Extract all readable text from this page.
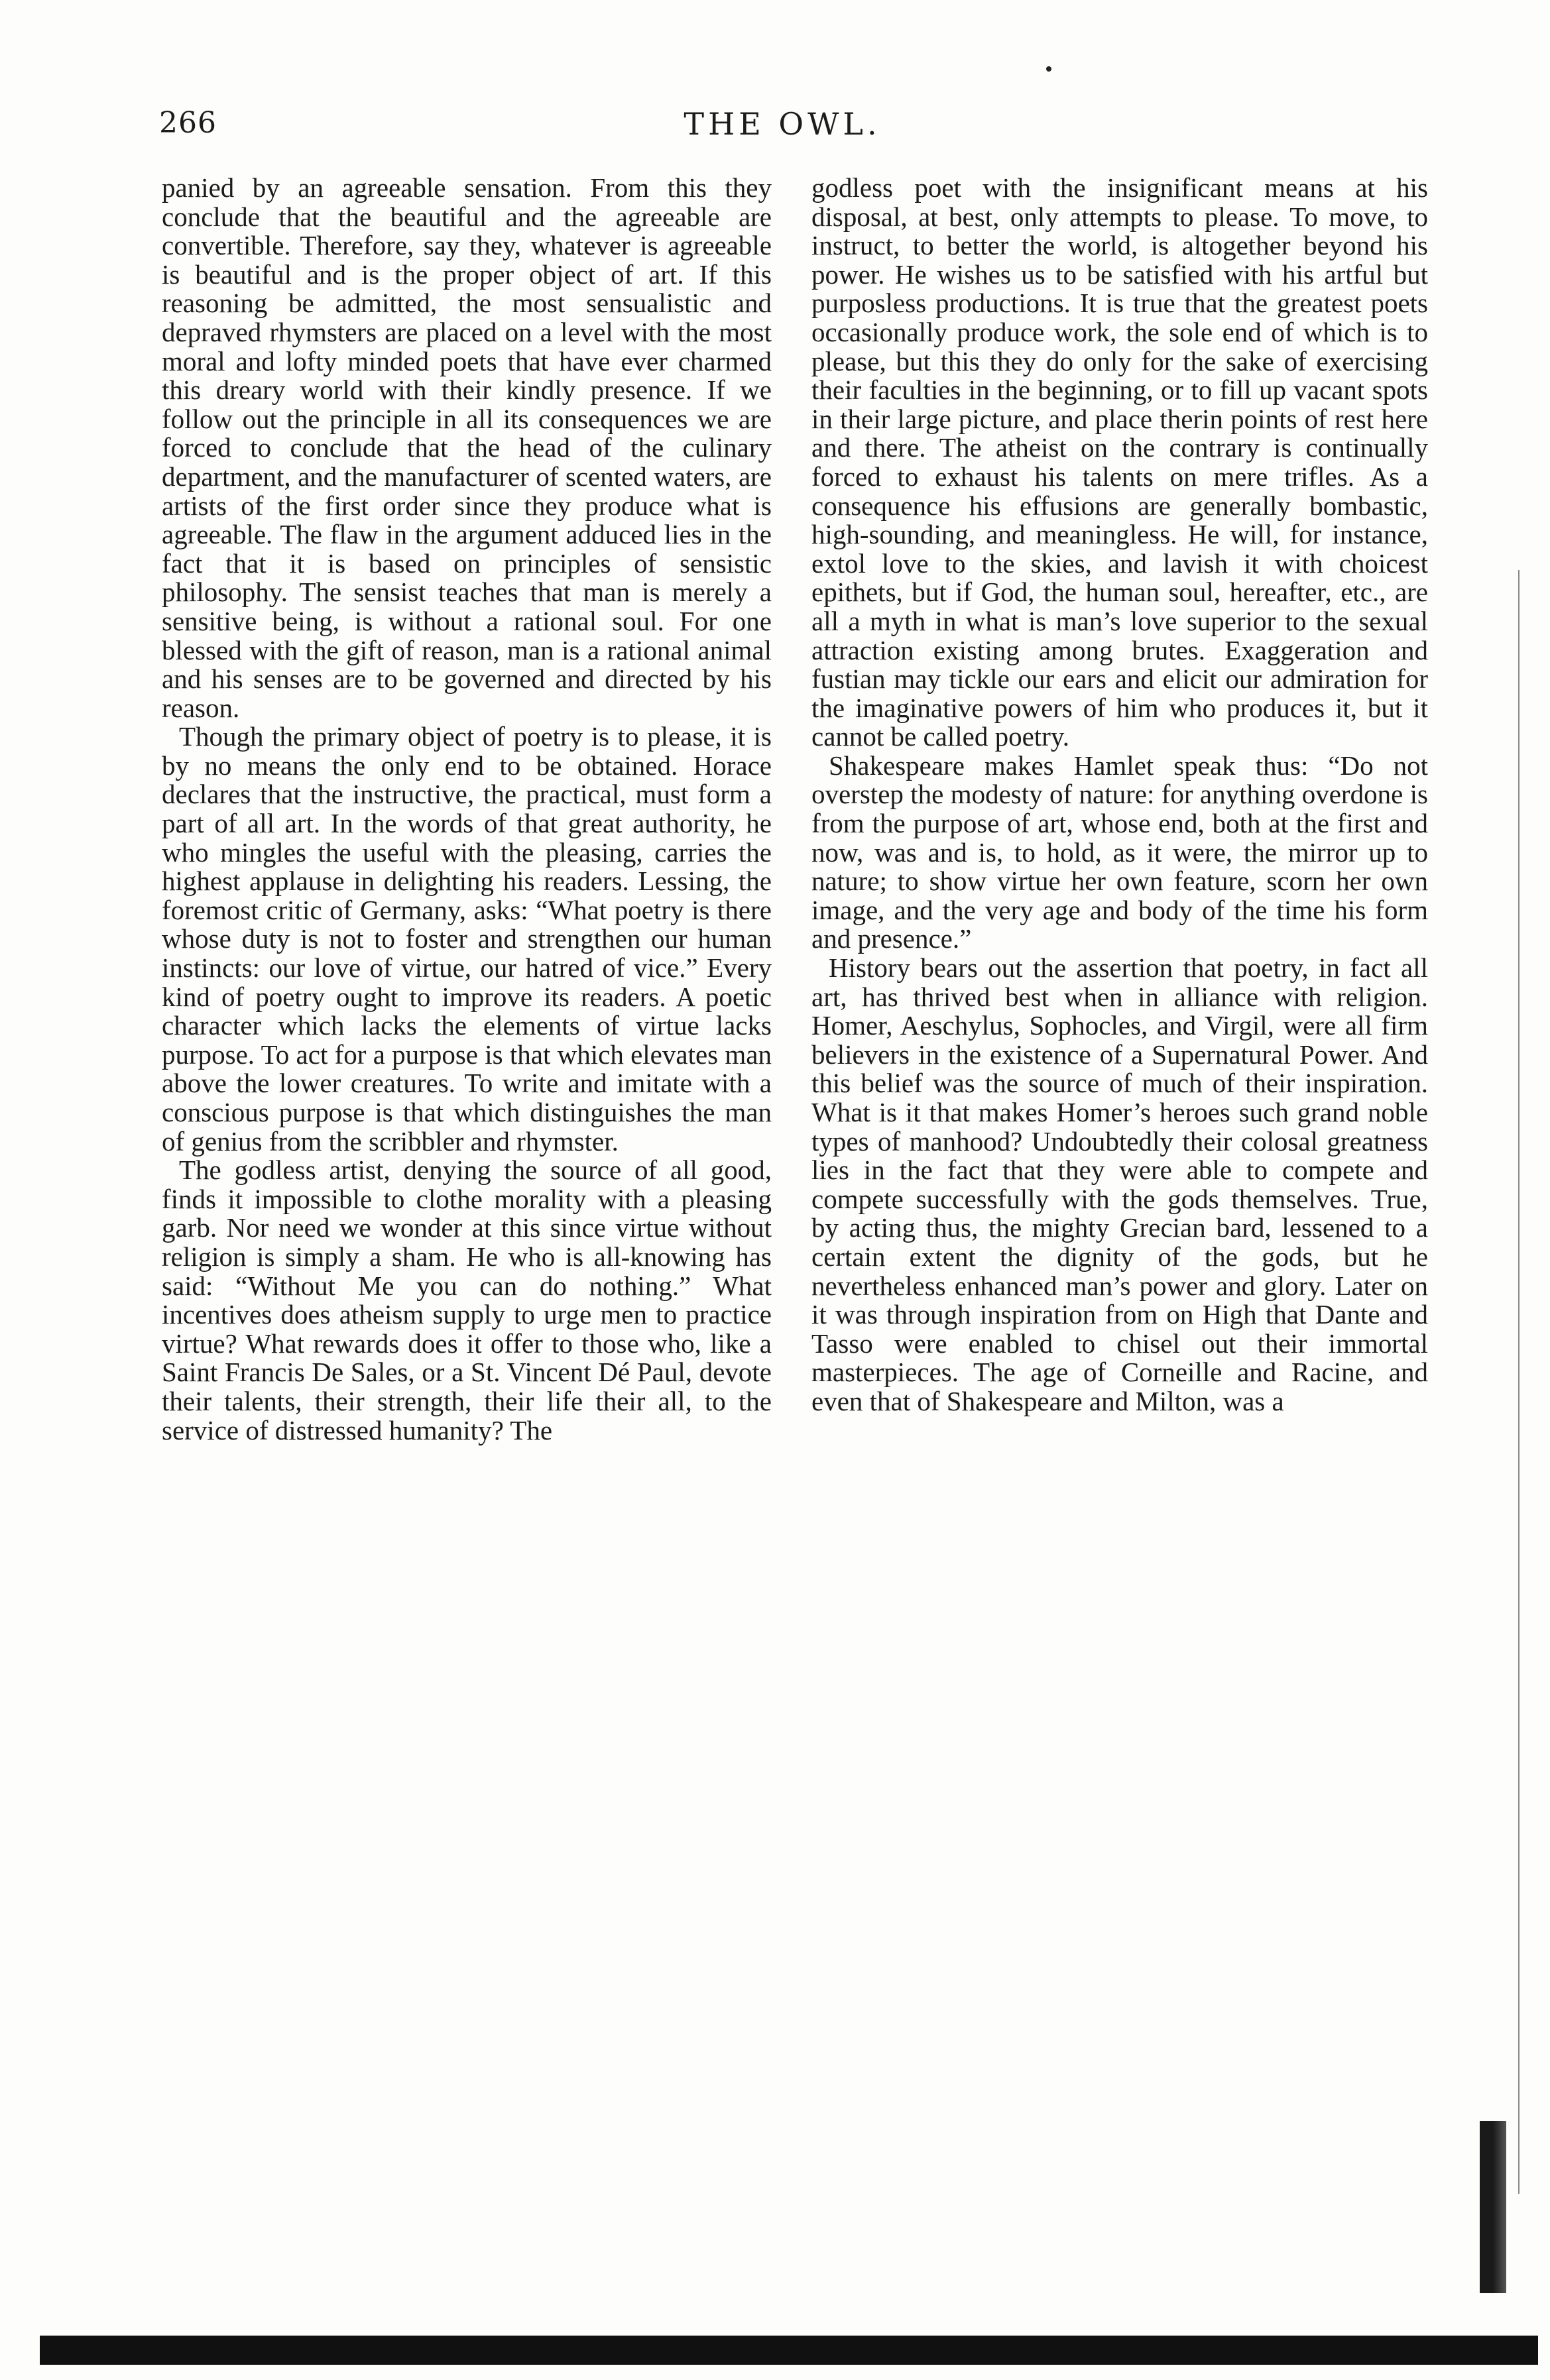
266	THE OWL.

panied by an agreeable sensation. From this they conclude that the beautiful and the agreeable are convertible. Therefore, say they, whatever is agreeable is beautiful and is the proper object of art. If this reasoning be admitted, the most sensualistic and depraved rhymsters are placed on a level with the most moral and lofty minded poets that have ever charmed this dreary world with their kindly presence. If we follow out the principle in all its consequences we are forced to conclude that the head of the culinary department, and the manufacturer of scented waters, are artists of the first order since they produce what is agreeable. The flaw in the argument adduced lies in the fact that it is based on principles of sensistic philosophy. The sensist teaches that man is merely a sensitive being, is without a rational soul. For one blessed with the gift of reason, man is a rational animal and his senses are to be governed and directed by his reason.

Though the primary object of poetry is to please, it is by no means the only end to be obtained. Horace declares that the instructive, the practical, must form a part of all art. In the words of that great authority, he who mingles the useful with the pleasing, carries the highest applause in delighting his readers. Lessing, the foremost critic of Germany, asks: “What poetry is there whose duty is not to foster and strengthen our human instincts: our love of virtue, our hatred of vice.” Every kind of poetry ought to improve its readers. A poetic character which lacks the elements of virtue lacks purpose. To act for a purpose is that which elevates man above the lower creatures. To write and imitate with a conscious purpose is that which distinguishes the man of genius from the scribbler and rhymster.

The godless artist, denying the source of all good, finds it impossible to clothe morality with a pleasing garb. Nor need we wonder at this since virtue without religion is simply a sham. He who is all-knowing has said: “Without Me you can do nothing.” What incentives does atheism supply to urge men to practice virtue? What rewards does it offer to those who, like a Saint Francis De Sales, or a St. Vincent Dé Paul, devote their talents, their strength, their life their all, to the service of distressed humanity? The

godless poet with the insignificant means at his disposal, at best, only attempts to please. To move, to instruct, to better the world, is altogether beyond his power. He wishes us to be satisfied with his artful but purposless productions. It is true that the greatest poets occasionally produce work, the sole end of which is to please, but this they do only for the sake of exercising their faculties in the beginning, or to fill up vacant spots in their large picture, and place therin points of rest here and there. The atheist on the contrary is continually forced to exhaust his talents on mere trifles. As a consequence his effusions are generally bombastic, high-sounding, and meaningless. He will, for instance, extol love to the skies, and lavish it with choicest epithets, but if God, the human soul, hereafter, etc., are all a myth in what is man’s love superior to the sexual attraction existing among brutes. Exaggeration and fustian may tickle our ears and elicit our admiration for the imaginative powers of him who produces it, but it cannot be called poetry.

Shakespeare makes Hamlet speak thus: “Do not overstep the modesty of nature: for anything overdone is from the purpose of art, whose end, both at the first and now, was and is, to hold, as it were, the mirror up to nature; to show virtue her own feature, scorn her own image, and the very age and body of the time his form and presence.”

History bears out the assertion that poetry, in fact all art, has thrived best when in alliance with religion. Homer, Aeschylus, Sophocles, and Virgil, were all firm believers in the existence of a Supernatural Power. And this belief was the source of much of their inspiration. What is it that makes Homer’s heroes such grand noble types of manhood? Undoubtedly their colosal greatness lies in the fact that they were able to compete and compete successfully with the gods themselves. True, by acting thus, the mighty Grecian bard, lessened to a certain extent the dignity of the gods, but he nevertheless enhanced man’s power and glory. Later on it was through inspiration from on High that Dante and Tasso were enabled to chisel out their immortal masterpieces. The age of Corneille and Racine, and even that of Shakespeare and Milton, was a
